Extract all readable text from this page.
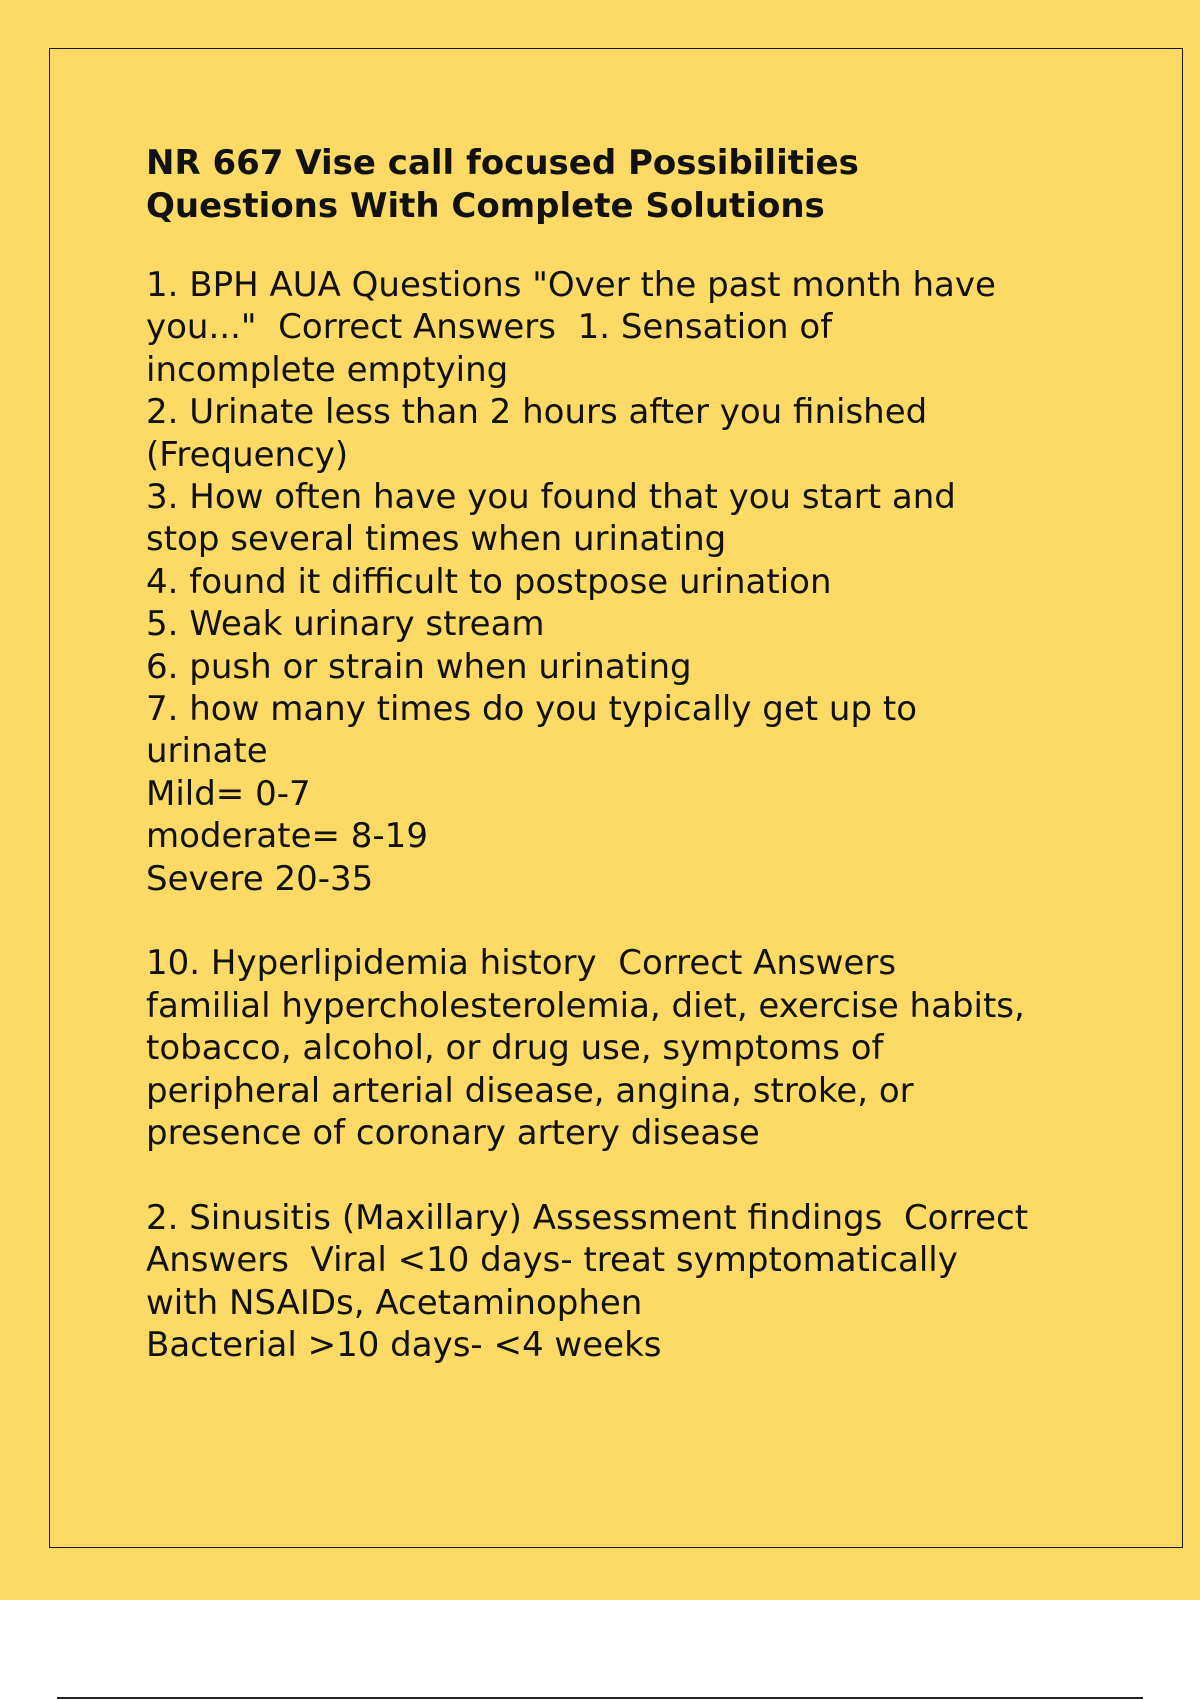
NR 667 Vise call focused Possibilities

Questions With Complete Solutions

1. BPH AUA Questions "Over the past month have

you..."  Correct Answers  1. Sensation of

incomplete emptying

2. Urinate less than 2 hours after you finished

(Frequency)

3. How often have you found that you start and

stop several times when urinating

4. found it difficult to postpose urination

5. Weak urinary stream

6. push or strain when urinating

7. how many times do you typically get up to

urinate

Mild= 0-7

moderate= 8-19

Severe 20-35

10. Hyperlipidemia history  Correct Answers

familial hypercholesterolemia, diet, exercise habits,

tobacco, alcohol, or drug use, symptoms of

peripheral arterial disease, angina, stroke, or

presence of coronary artery disease

2. Sinusitis (Maxillary) Assessment findings  Correct

Answers  Viral <10 days- treat symptomatically

with NSAIDs, Acetaminophen

Bacterial >10 days- <4 weeks
